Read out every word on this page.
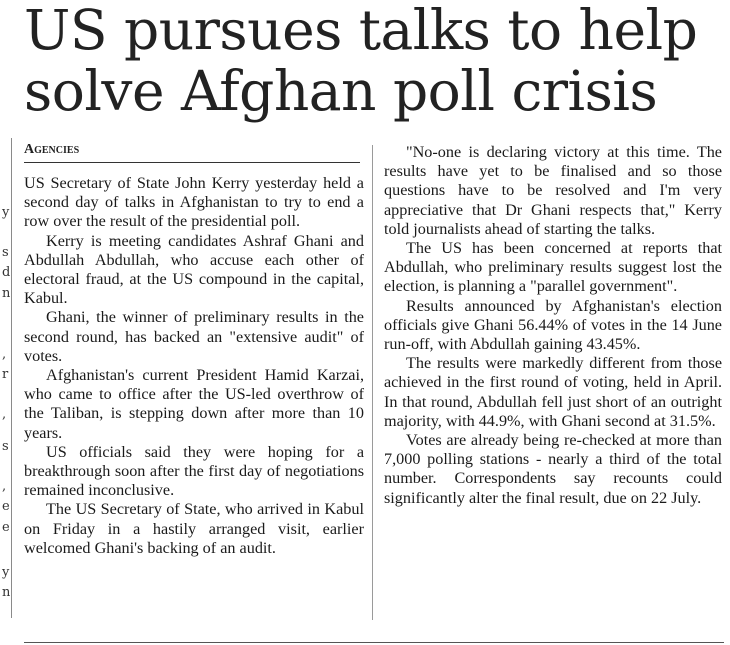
y
s
d
n
,
r
,
s
,
e
e
y
n
US pursues talks to help
solve Afghan poll crisis
Agencies

US Secretary of State John Kerry yesterday held a second day of talks in Afghanistan to try to end a row over the result of the presidential poll.

Kerry is meeting candidates Ashraf Ghani and Abdullah Abdullah, who accuse each other of electoral fraud, at the US compound in the capital, Kabul.

Ghani, the winner of preliminary results in the second round, has backed an "extensive audit" of votes.

Afghanistan's current President Hamid Karzai, who came to office after the US-led overthrow of the Taliban, is stepping down after more than 10 years.

US officials said they were hoping for a breakthrough soon after the first day of negotiations remained inconclusive.

The US Secretary of State, who arrived in Kabul on Friday in a hastily arranged visit, earlier welcomed Ghani's backing of an audit.

"No-one is declaring victory at this time. The results have yet to be finalised and so those questions have to be resolved and I'm very appreciative that Dr Ghani respects that," Kerry told journalists ahead of starting the talks.

The US has been concerned at reports that Abdullah, who preliminary results suggest lost the election, is planning a "parallel government".

Results announced by Afghanistan's election officials give Ghani 56.44% of votes in the 14 June run-off, with Abdullah gaining 43.45%.

The results were markedly different from those achieved in the first round of voting, held in April. In that round, Abdullah fell just short of an outright majority, with 44.9%, with Ghani second at 31.5%.

Votes are already being re-checked at more than 7,000 polling stations - nearly a third of the total number. Correspondents say recounts could significantly alter the final result, due on 22 July.
